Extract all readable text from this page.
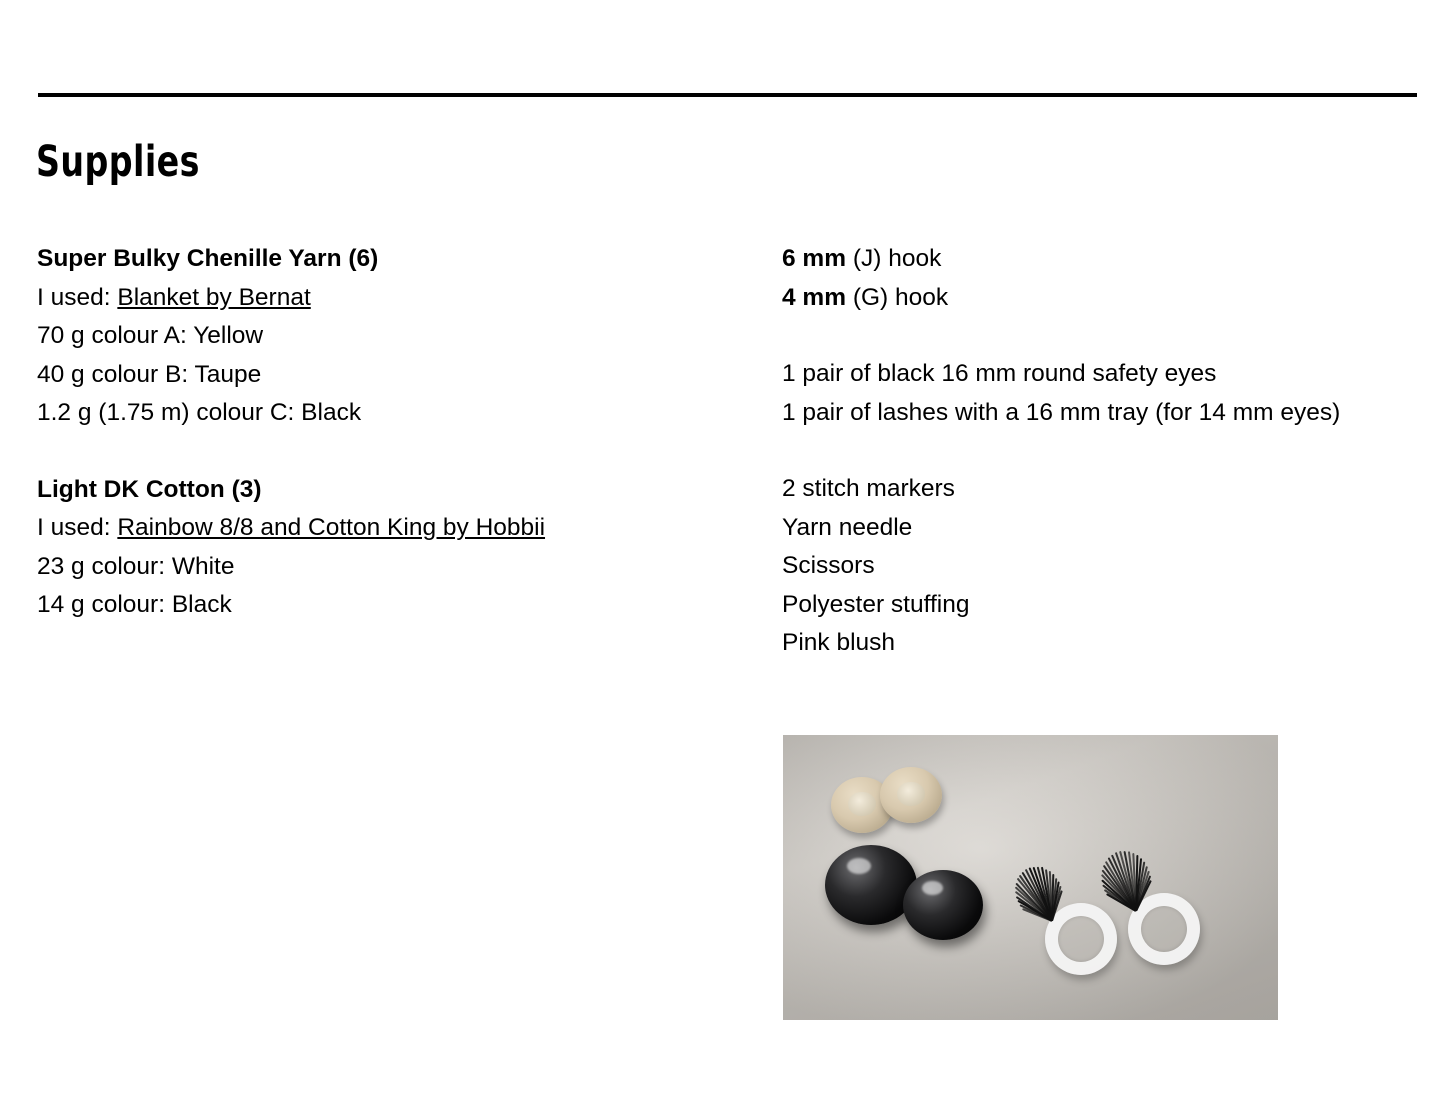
Supplies
Super Bulky Chenille Yarn (6)
I used: Blanket by Bernat
70 g colour A: Yellow
40 g colour B: Taupe
1.2 g (1.75 m) colour C: Black
Light DK Cotton (3)
I used: Rainbow 8/8 and Cotton King by Hobbii
23 g colour: White
14 g colour: Black
6 mm (J) hook
4 mm (G) hook
1 pair of black 16 mm round safety eyes
1 pair of lashes with a 16 mm tray (for 14 mm eyes)
2 stitch markers
Yarn needle
Scissors
Polyester stuffing
Pink blush
